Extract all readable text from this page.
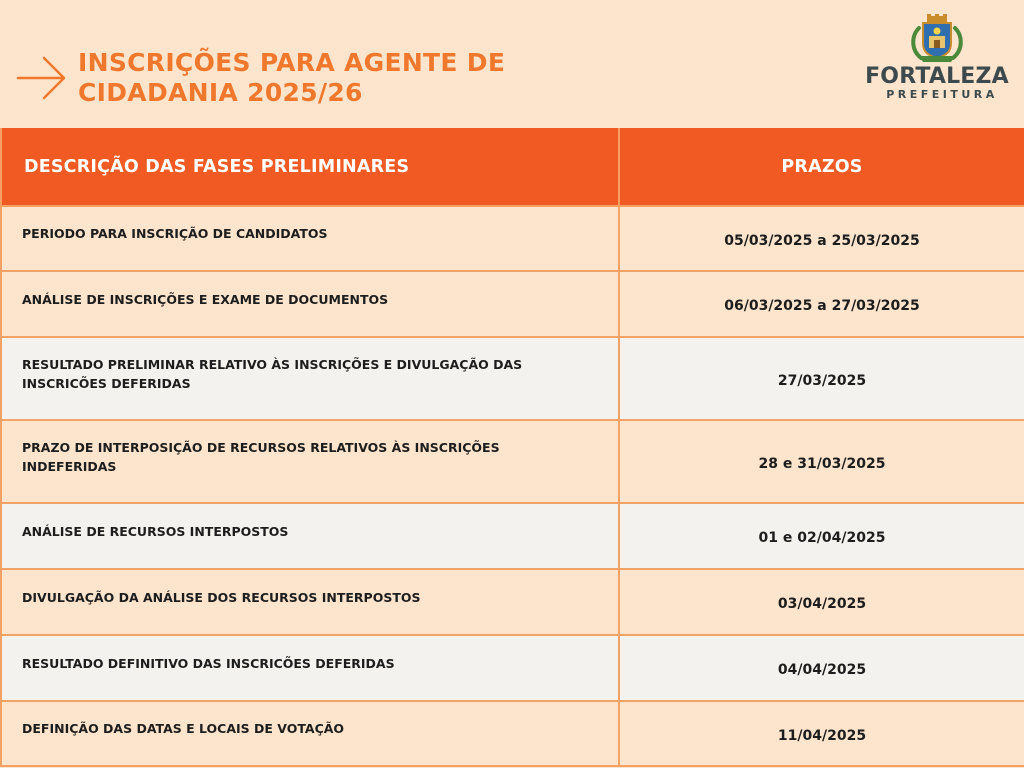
INSCRIÇÕES PARA AGENTE DE
CIDADANIA 2025/26
FORTALEZA
PREFEITURA
DESCRIÇÃO DAS FASES PRELIMINARES	PRAZOS
PERIODO PARA INSCRIÇÃO DE CANDIDATOS	05/03/2025 a 25/03/2025
ANÁLISE DE INSCRIÇÕES E EXAME DE DOCUMENTOS	06/03/2025 a 27/03/2025
RESULTADO PRELIMINAR RELATIVO ÀS INSCRIÇÕES E DIVULGAÇÃO DAS INSCRICÕES DEFERIDAS	27/03/2025
PRAZO DE INTERPOSIÇÃO DE RECURSOS RELATIVOS ÀS INSCRIÇÕES INDEFERIDAS	28 e 31/03/2025
ANÁLISE DE RECURSOS INTERPOSTOS	01 e 02/04/2025
DIVULGAÇÃO DA ANÁLISE DOS RECURSOS INTERPOSTOS	03/04/2025
RESULTADO DEFINITIVO DAS INSCRICÕES DEFERIDAS	04/04/2025
DEFINIÇÃO DAS DATAS E LOCAIS DE VOTAÇÃO	11/04/2025
